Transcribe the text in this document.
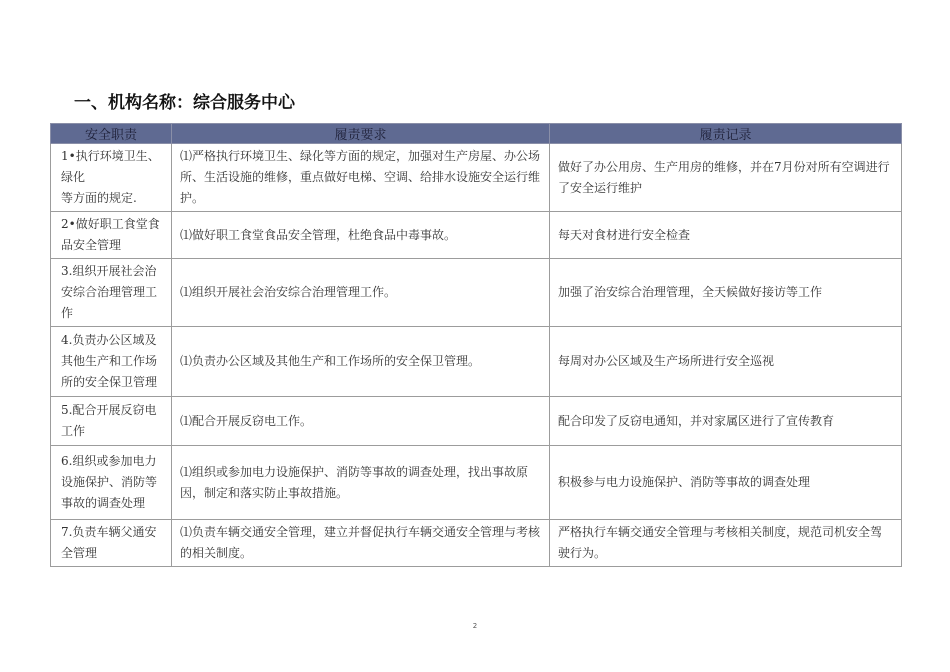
一、机构名称：综合服务中心
安全职责	履责要求	履责记录

1•执行环境卫生、绿化
等方面的规定.	⑴严格执行环境卫生、绿化等方面的规定，加强对生产房屋、办公场所、生活设施的维修，重点做好电梯、空调、给排水设施安全运行维护。	做好了办公用房、生产用房的维修，并在7月份对所有空调进行了安全运行维护
2•做好职工食堂食品安全管理	⑴做好职工食堂食品安全管理，杜绝食品中毒事故。	每天对食材进行安全检查
3.组织开展社会治安综合治理管理工作	⑴组织开展社会治安综合治理管理工作。	加强了治安综合治理管理，全天候做好接访等工作
4.负责办公区域及其他生产和工作场所的安全保卫管理	⑴负责办公区域及其他生产和工作场所的安全保卫管理。	每周对办公区域及生产场所进行安全巡视
5.配合开展反窃电工作	⑴配合开展反窃电工作。	配合印发了反窃电通知，并对家属区进行了宣传教育
6.组织或参加电力设施保护、消防等事故的调查处理	⑴组织或参加电力设施保护、消防等事故的调查处理，找出事故原因，制定和落实防止事故措施。	积极参与电力设施保护、消防等事故的调查处理
7.负责车辆父通安全管理	⑴负责车辆交通安全管理，建立并督促执行车辆交通安全管理与考核的相关制度。	严格执行车辆交通安全管理与考核相关制度，规范司机安全驾驶行为。
2
